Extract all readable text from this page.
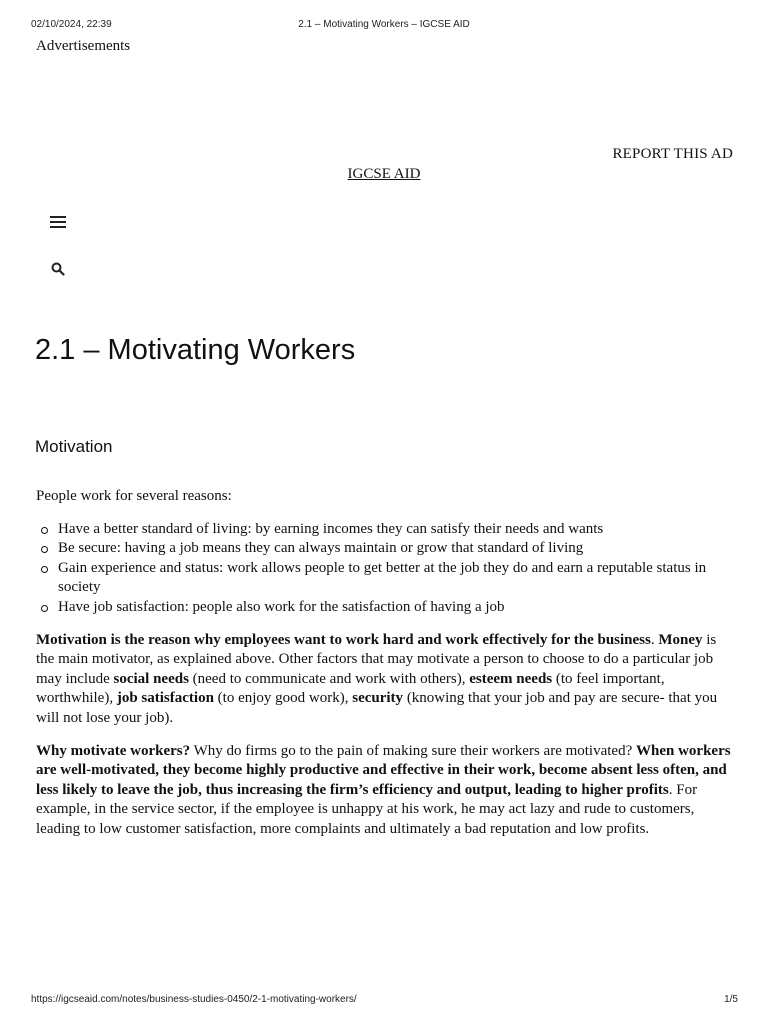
02/10/2024, 22:39	2.1 – Motivating Workers – IGCSE AID
Advertisements
REPORT THIS AD
IGCSE AID
2.1 – Motivating Workers
Motivation

People work for several reasons:

Have a better standard of living: by earning incomes they can satisfy their needs and wants
Be secure: having a job means they can always maintain or grow that standard of living
Gain experience and status: work allows people to get better at the job they do and earn a reputable status in society
Have job satisfaction: people also work for the satisfaction of having a job

Motivation is the reason why employees want to work hard and work effectively for the business. Money is the main motivator, as explained above. Other factors that may motivate a person to choose to do a particular job may include social needs (need to communicate and work with others), esteem needs (to feel important, worthwhile), job satisfaction (to enjoy good work), security (knowing that your job and pay are secure- that you will not lose your job).

Why motivate workers? Why do firms go to the pain of making sure their workers are motivated? When workers are well-motivated, they become highly productive and effective in their work, become absent less often, and less likely to leave the job, thus increasing the firm’s efficiency and output, leading to higher profits. For example, in the service sector, if the employee is unhappy at his work, he may act lazy and rude to customers, leading to low customer satisfaction, more complaints and ultimately a bad reputation and low profits.

https://igcseaid.com/notes/business-studies-0450/2-1-motivating-workers/	1/5
